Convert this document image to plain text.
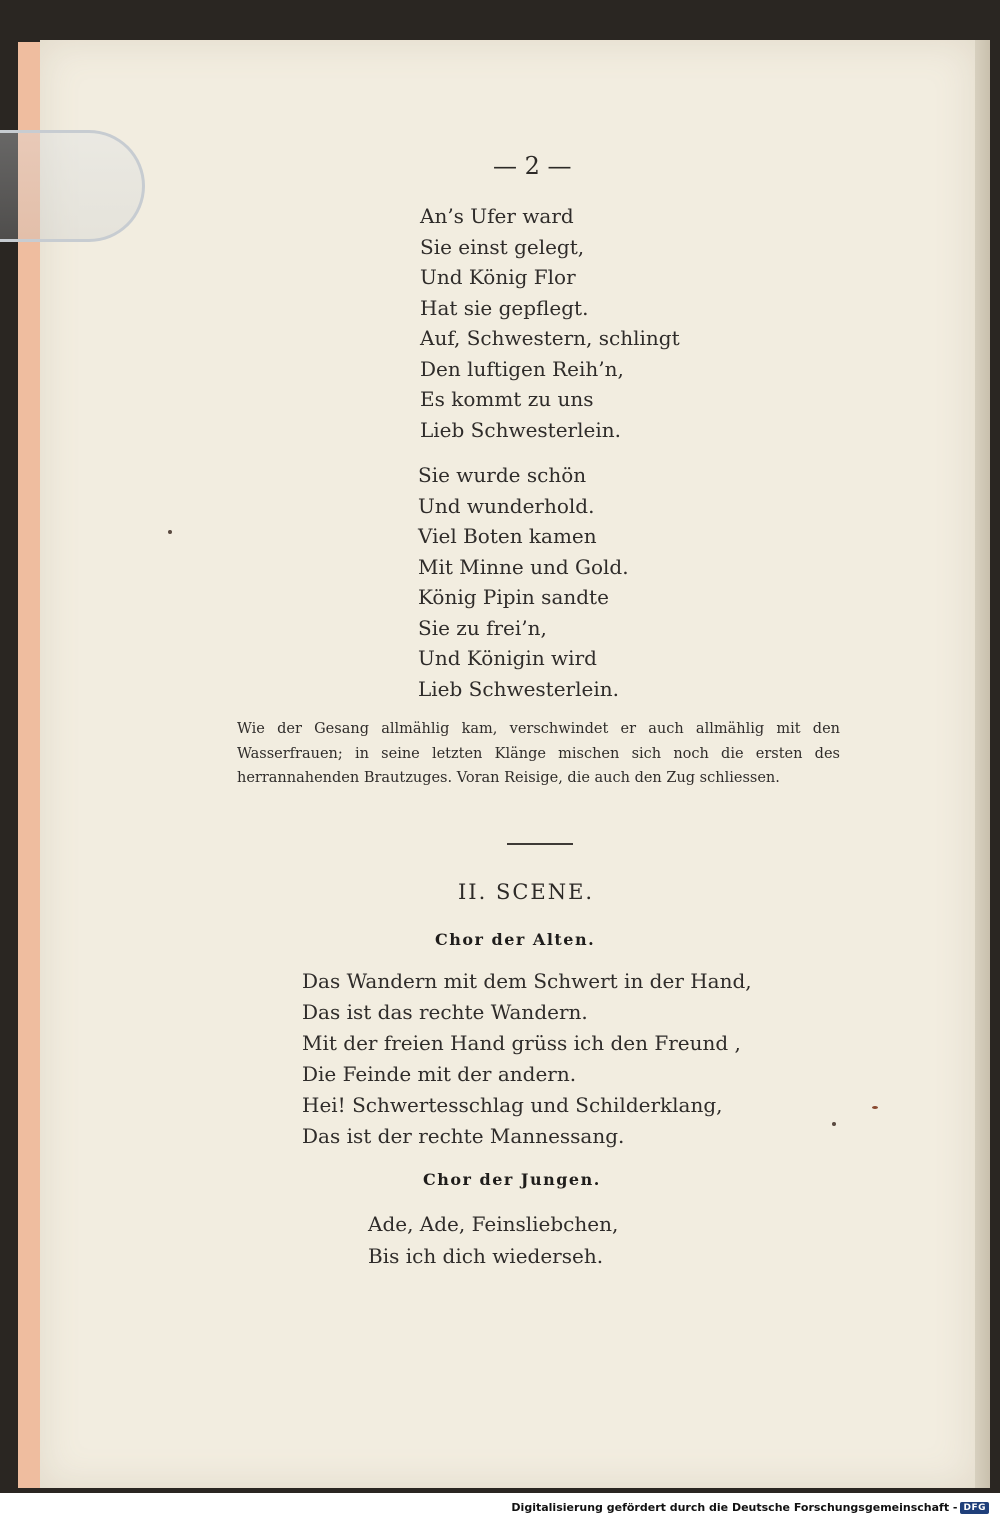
— 2 —
An’s Ufer ward
Sie einst gelegt,
Und König Flor
Hat sie gepflegt.
Auf, Schwestern, schlingt
Den luftigen Reih’n,
Es kommt zu uns
Lieb Schwesterlein.
Sie wurde schön
Und wunderhold.
Viel Boten kamen
Mit Minne und Gold.
König Pipin sandte
Sie zu frei’n,
Und Königin wird
Lieb Schwesterlein.
Wie der Gesang allmählig kam, verschwindet er auch allmählig mit den Wasserfrauen; in seine letzten Klänge mischen sich noch die ersten des herrannahenden Brautzuges. Voran Reisige, die auch den Zug schliessen.
II. SCENE.
Chor der Alten.
Das Wandern mit dem Schwert in der Hand,
Das ist das rechte Wandern.
Mit der freien Hand grüss ich den Freund ,
Die Feinde mit der andern.
Hei! Schwertesschlag und Schilderklang,
Das ist der rechte Mannessang.
Chor der Jungen.
Ade, Ade, Feinsliebchen,
Bis ich dich wiederseh.
Digitalisierung gefördert durch die Deutsche Forschungsgemeinschaft - DFG
